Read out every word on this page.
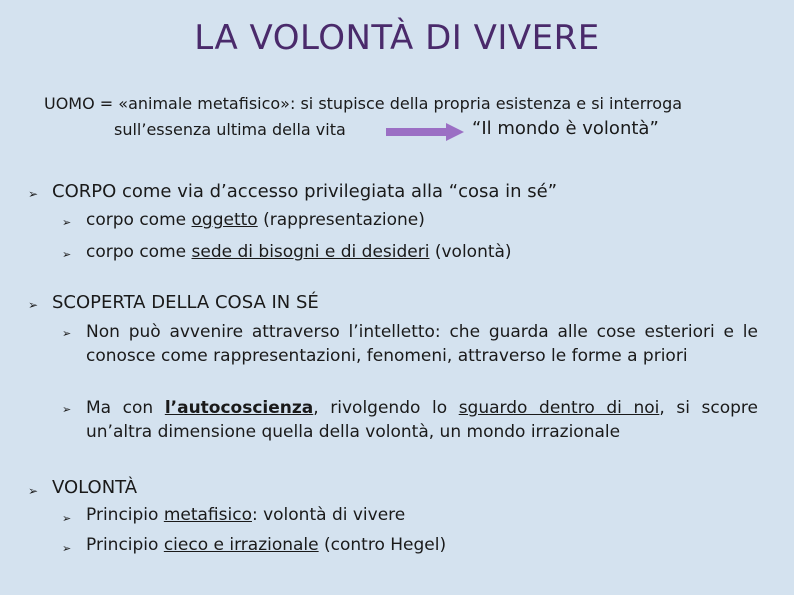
LA VOLONTÀ DI VIVERE
UOMO = «animale metafisico»: si stupisce della propria esistenza e si interroga
sull’essenza ultima della vita	“Il mondo è volontà”
➢ CORPO come via d’accesso privilegiata alla “cosa in sé”
➢ corpo come oggetto (rappresentazione)
➢ corpo come sede di bisogni e di desideri (volontà)
➢ SCOPERTA DELLA COSA IN SÉ
➢ Non può avvenire attraverso l’intelletto: che guarda alle cose esteriori e le conosce come rappresentazioni, fenomeni, attraverso le forme a priori
➢ Ma con l’autocoscienza, rivolgendo lo sguardo dentro di noi, si scopre un’altra dimensione quella della volontà, un mondo irrazionale
➢ VOLONTÀ
➢ Principio metafisico: volontà di vivere
➢ Principio cieco e irrazionale (contro Hegel)
